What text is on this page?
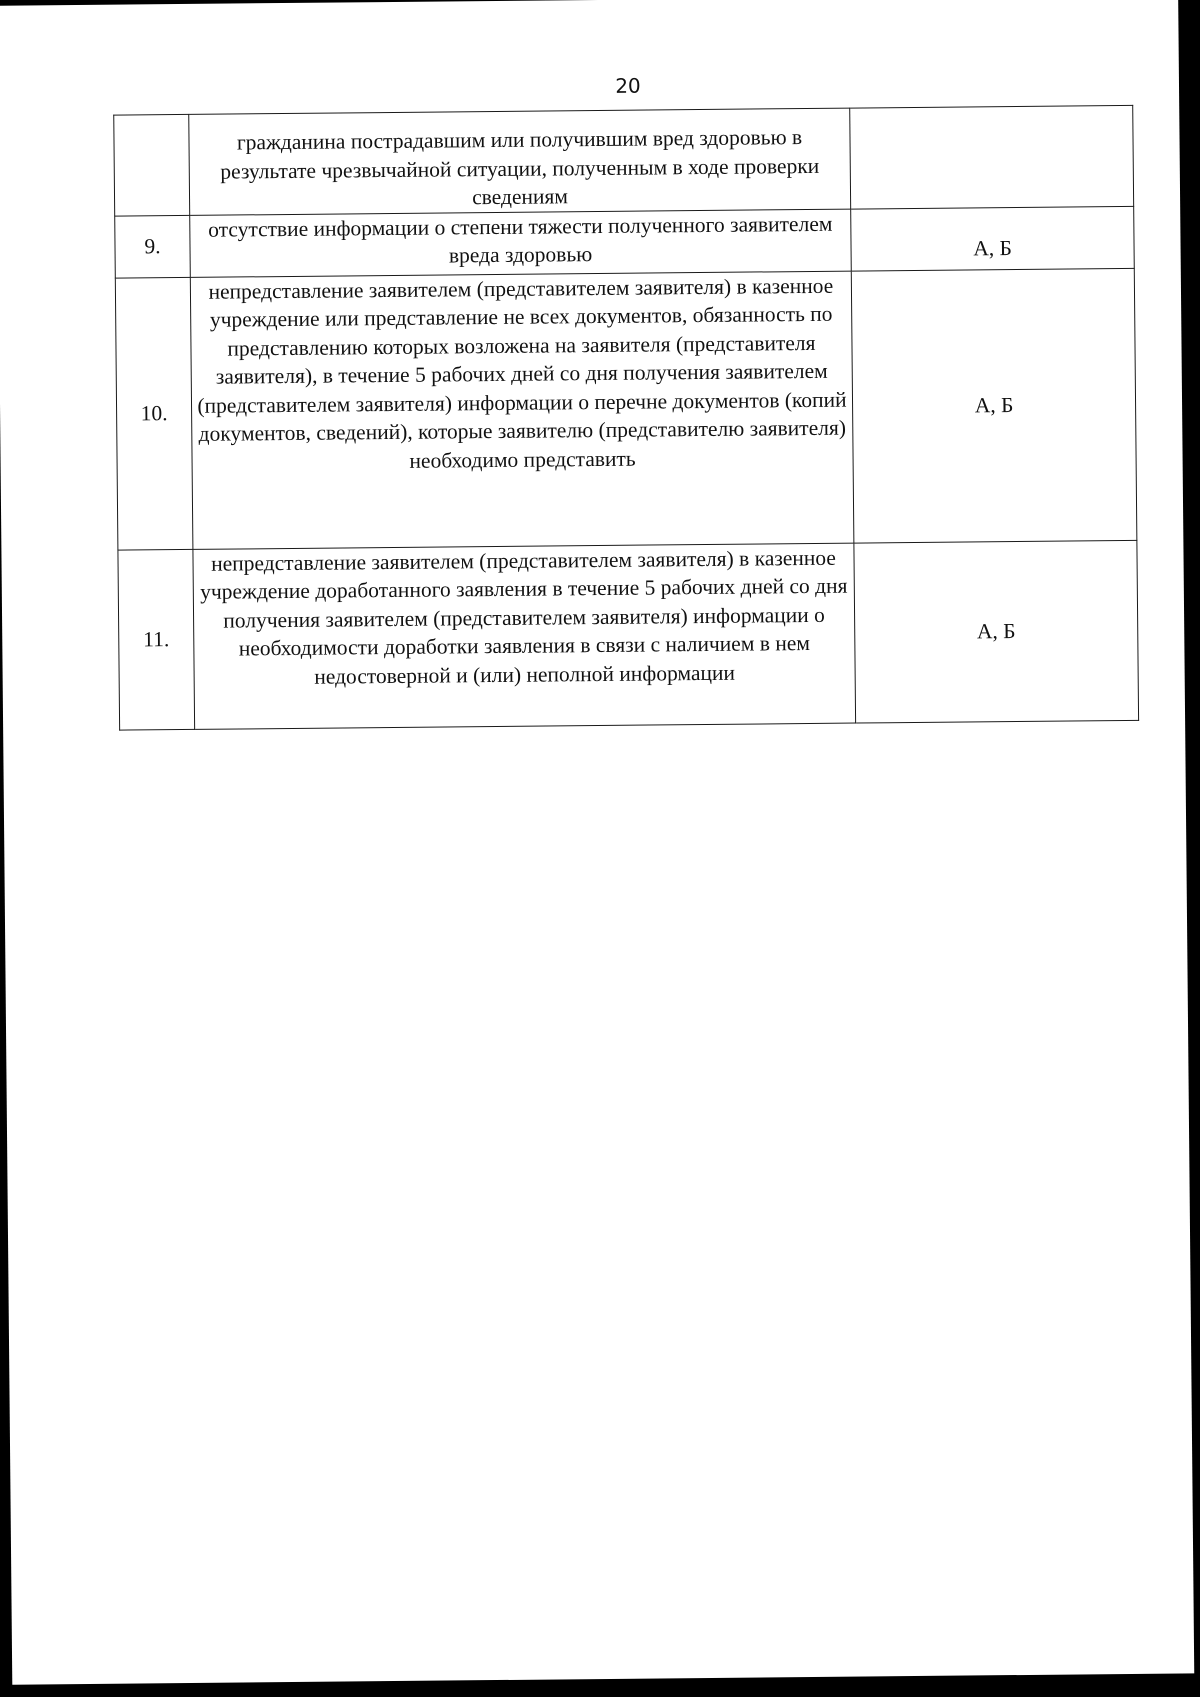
20
	гражданина пострадавшим или получившим вред здоровью в результате чрезвычайной ситуации, полученным в ходе проверки сведениям	
9.	отсутствие информации о степени тяжести полученного заявителем вреда здоровью	А, Б
10.	непредставление заявителем (представителем заявителя) в казенное учреждение или представление не всех документов, обязанность по представлению которых возложена на заявителя (представителя заявителя), в течение 5 рабочих дней со дня получения заявителем (представителем заявителя) информации о перечне документов (копий документов, сведений), которые заявителю (представителю заявителя) необходимо представить	А, Б
11.	непредставление заявителем (представителем заявителя) в казенное учреждение доработанного заявления в течение 5 рабочих дней со дня получения заявителем (представителем заявителя) информации о необходимости доработки заявления в связи с наличием в нем недостоверной и (или) неполной информации	А, Б
